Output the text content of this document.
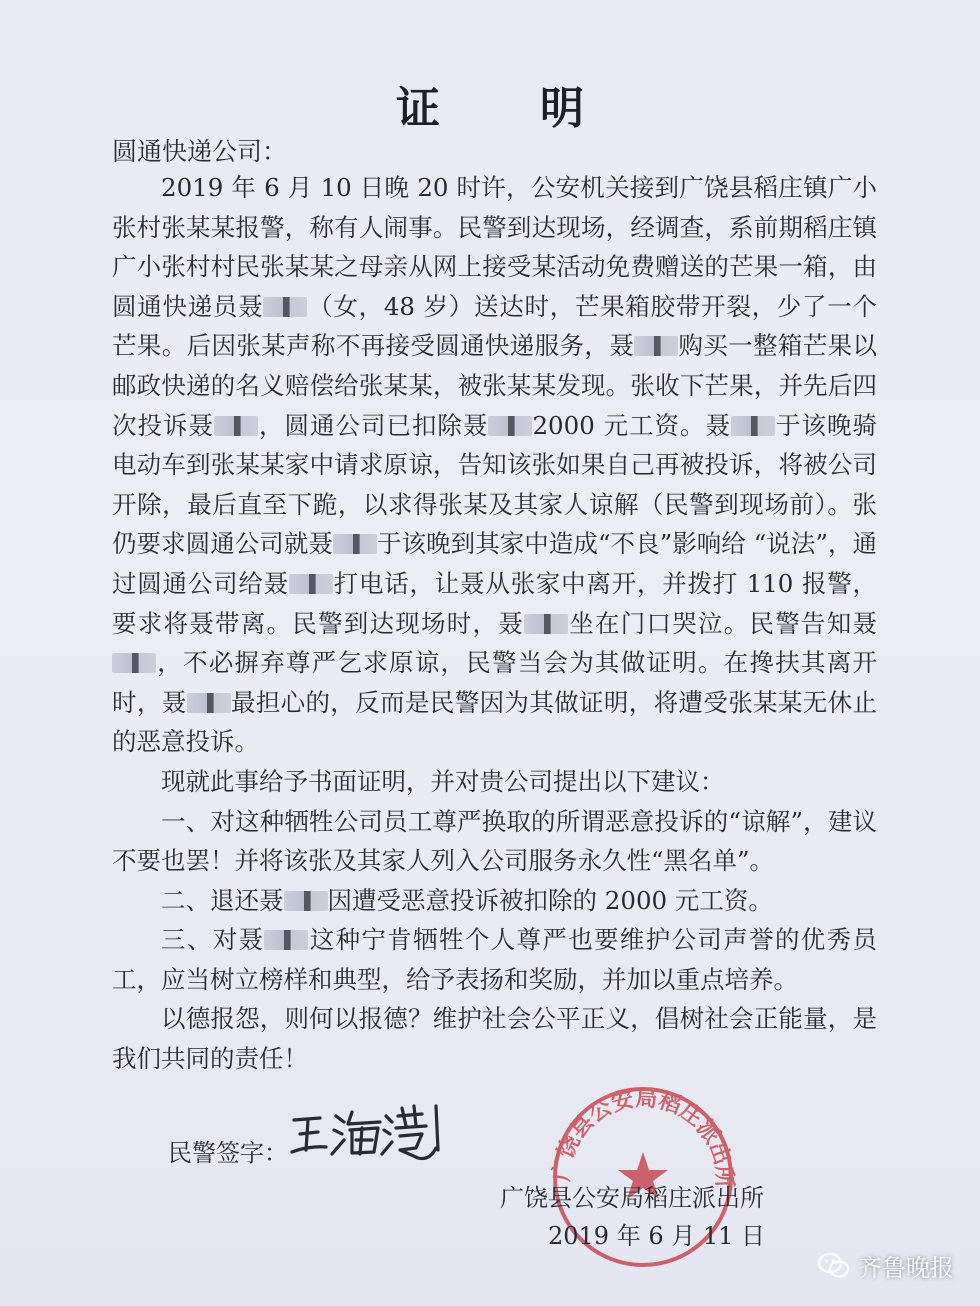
证明
圆通快递公司：

2019 年 6 月 10 日晚 20 时许，公安机关接到广饶县稻庄镇广小张村张某某报警，称有人闹事。民警到达现场，经调查，系前期稻庄镇广小张村村民张某某之母亲从网上接受某活动免费赠送的芒果一箱，由圆通快递员聂 （女，48 岁）送达时，芒果箱胶带开裂，少了一个芒果。后因张某声称不再接受圆通快递服务，聂 购买一整箱芒果以邮政快递的名义赔偿给张某某，被张某某发现。张收下芒果，并先后四次投诉聂 ，圆通公司已扣除聂 2000 元工资。聂 于该晚骑电动车到张某某家中请求原谅，告知该张如果自己再被投诉，将被公司开除，最后直至下跪，以求得张某及其家人谅解（民警到现场前）。张仍要求圆通公司就聂 于该晚到其家中造成“不良”影响给 “说法”，通过圆通公司给聂 打电话，让聂从张家中离开，并拨打 110 报警，要求将聂带离。民警到达现场时，聂 坐在门口哭泣。民警告知聂，不必摒弃尊严乞求原谅，民警当会为其做证明。在搀扶其离开时，聂 最担心的，反而是民警因为其做证明，将遭受张某某无休止的恶意投诉。

现就此事给予书面证明，并对贵公司提出以下建议：

一、对这种牺牲公司员工尊严换取的所谓恶意投诉的“谅解”，建议不要也罢！并将该张及其家人列入公司服务永久性“黑名单”。

二、退还聂 因遭受恶意投诉被扣除的 2000 元工资。

三、对聂 这种宁肯牺牲个人尊严也要维护公司声誉的优秀员工，应当树立榜样和典型，给予表扬和奖励，并加以重点培养。

以德报怨，则何以报德？维护社会公平正义，倡树社会正能量，是我们共同的责任！

民警签字：
广饶县公安局稻庄派出所
广饶县公安局稻庄派出所
2019 年 6 月 11 日
齐鲁晚报
